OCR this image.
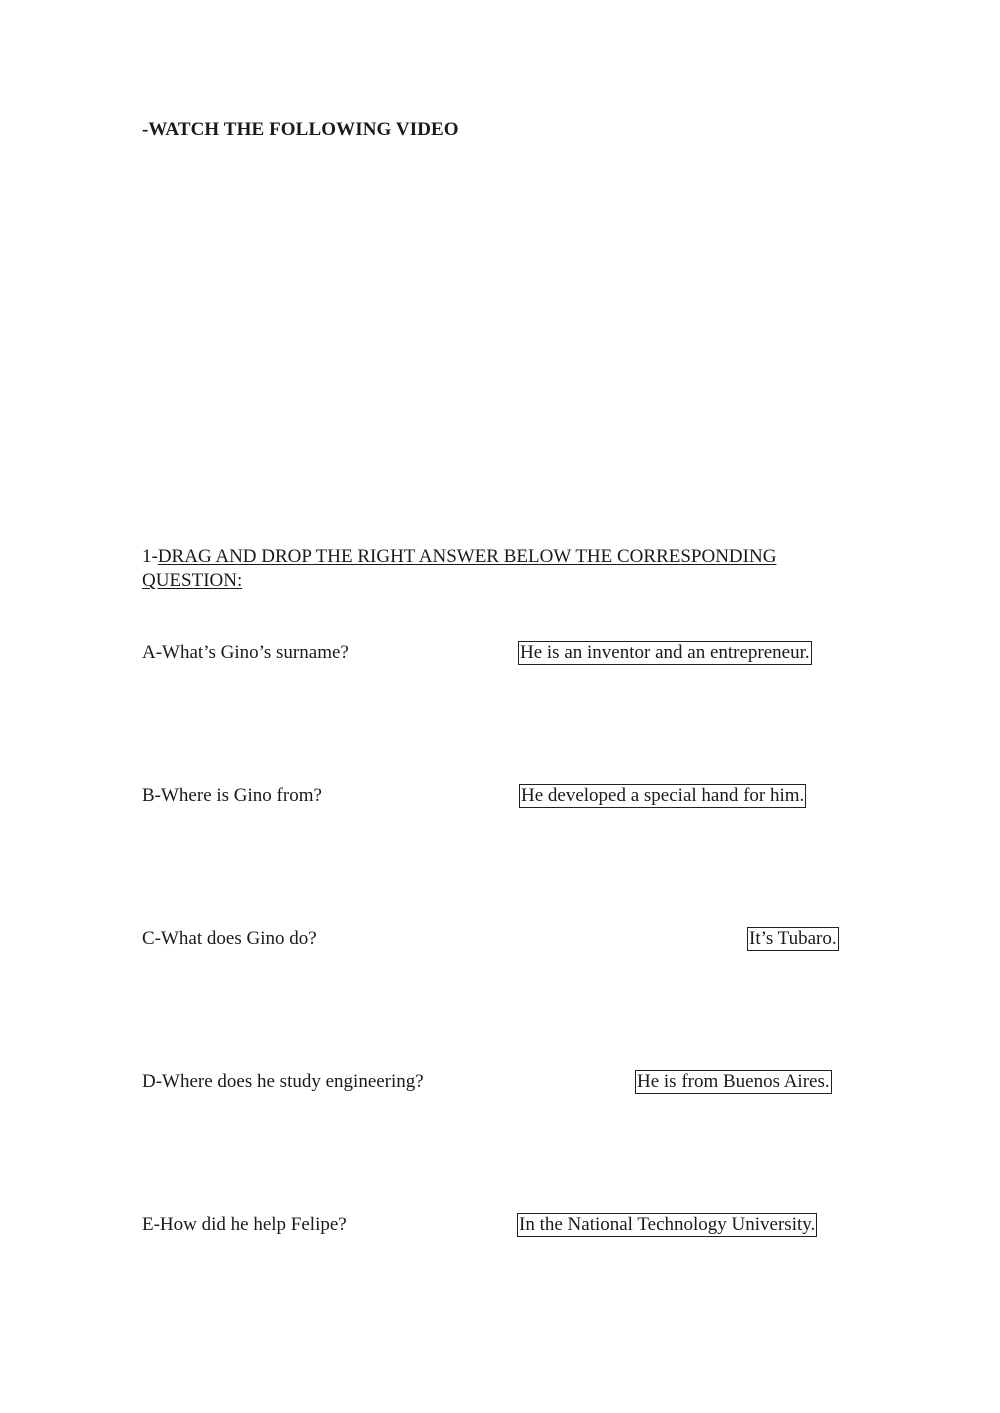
-WATCH THE FOLLOWING VIDEO
1-DRAG AND DROP THE RIGHT ANSWER BELOW THE CORRESPONDING QUESTION:
A-What’s Gino’s surname?
B-Where is Gino from?
C-What does Gino do?
D-Where does he study engineering?
E-How did he help Felipe?
He is an inventor and an entrepreneur.
He developed a special hand for him.
It’s Tubaro.
He is from Buenos Aires.
In the National Technology University.
